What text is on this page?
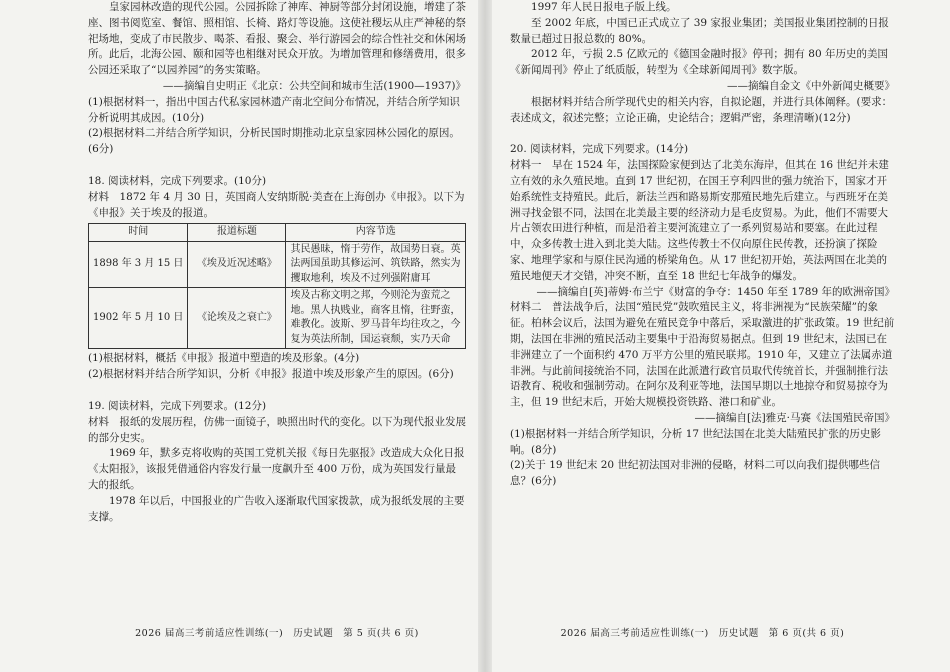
皇家园林改造的现代公园。公园拆除了神库、神厨等部分封闭设施，增建了茶座、图书阅览室、餐馆、照相馆、长椅、路灯等设施。这使社稷坛从庄严神秘的祭祀场地，变成了市民散步、喝茶、看报、聚会、举行游园会的综合性社交和休闲场所。此后，北海公园、颐和园等也相继对民众开放。为增加管理和修缮费用，很多公园还采取了“以园养园”的务实策略。

——摘编自史明正《北京：公共空间和城市生活(1900—1937)》

(1)根据材料一，指出中国古代私家园林遗产南北空间分布情况，并结合所学知识分析说明其成因。(10分)

(2)根据材料二并结合所学知识，分析民国时期推动北京皇家园林公园化的原因。(6分)

18. 阅读材料，完成下列要求。(10分)

材料　1872 年 4 月 30 日，英国商人安纳斯脱·美查在上海创办《申报》。以下为《申报》关于埃及的报道。

时间	报道标题	内容节选
1898 年 3 月 15 日	《埃及近况述略》	其民愚昧，惰于劳作，故国势日衰。英法两国虽助其修运河、筑铁路，然实为攫取地利，埃及不过列强附庸耳
1902 年 5 月 10 日	《论埃及之衰亡》	埃及古称文明之邦，今则沦为蛮荒之地。黑人执贱业，商客且惰，往野蛮，难教化。波斯、罗马昔年均往攻之，今复为英法所制，国运衰颓，实乃天命

(1)根据材料，概括《申报》报道中塑造的埃及形象。(4分)

(2)根据材料并结合所学知识，分析《申报》报道中埃及形象产生的原因。(6分)

19. 阅读材料，完成下列要求。(12分)

材料　报纸的发展历程，仿佛一面镜子，映照出时代的变化。以下为现代报业发展的部分史实。

1969 年，默多克将收购的英国工党机关报《每日先驱报》改造成大众化日报《太阳报》，该报凭借通俗内容发行量一度飙升至 400 万份，成为英国发行量最大的报纸。

1978 年以后，中国报业的广告收入逐渐取代国家拨款，成为报纸发展的主要支撑。

2026 届高三考前适应性训练(一)　历史试题　第 5 页(共 6 页)

1997 年人民日报电子版上线。

至 2002 年底，中国已正式成立了 39 家报业集团；美国报业集团控制的日报数量已超过日报总数的 80%。

2012 年，亏损 2.5 亿欧元的《德国金融时报》停刊；拥有 80 年历史的美国《新闻周刊》停止了纸质版，转型为《全球新闻周刊》数字版。

——摘编自金文《中外新闻史概要》

根据材料并结合所学现代史的相关内容，自拟论题，并进行具体阐释。(要求：表述成文，叙述完整；立论正确，史论结合；逻辑严密，条理清晰)(12分)

20. 阅读材料，完成下列要求。(14分)

材料一　早在 1524 年，法国探险家便到达了北美东海岸，但其在 16 世纪并未建立有效的永久殖民地。直到 17 世纪初，在国王亨利四世的强力统治下，国家才开始系统性支持殖民。此后，新法兰西和路易斯安那殖民地先后建立。与西班牙在美洲寻找金银不同，法国在北美最主要的经济动力是毛皮贸易。为此，他们不需要大片占领农田进行种植，而是沿着主要河流建立了一系列贸易站和要塞。在此过程中，众多传教士进入到北美大陆。这些传教士不仅向原住民传教，还扮演了探险家、地理学家和与原住民沟通的桥梁角色。从 17 世纪初开始，英法两国在北美的殖民地便天才交错，冲突不断，直至 18 世纪七年战争的爆发。

——摘编自[英]蒂姆·布兰宁《财富的争夺：1450 年至 1789 年的欧洲帝国》

材料二　普法战争后，法国“殖民党”鼓吹殖民主义，将非洲视为“民族荣耀”的象征。柏林会议后，法国为避免在殖民竞争中落后，采取激进的扩张政策。19 世纪前期，法国在非洲的殖民活动主要集中于沿海贸易据点。但到 19 世纪末，法国已在非洲建立了一个面积约 470 万平方公里的殖民联邦。1910 年，又建立了法属赤道非洲。与此前间接统治不同，法国在此派遣行政官员取代传统首长，并强制推行法语教育、税收和强制劳动。在阿尔及利亚等地，法国早期以土地掠夺和贸易掠夺为主，但 19 世纪末后，开始大规模投资铁路、港口和矿业。

——摘编自[法]雅克·马赛《法国殖民帝国》

(1)根据材料一并结合所学知识，分析 17 世纪法国在北美大陆殖民扩张的历史影响。(8分)

(2)关于 19 世纪末 20 世纪初法国对非洲的侵略，材料二可以向我们提供哪些信息？(6分)

2026 届高三考前适应性训练(一)　历史试题　第 6 页(共 6 页)
